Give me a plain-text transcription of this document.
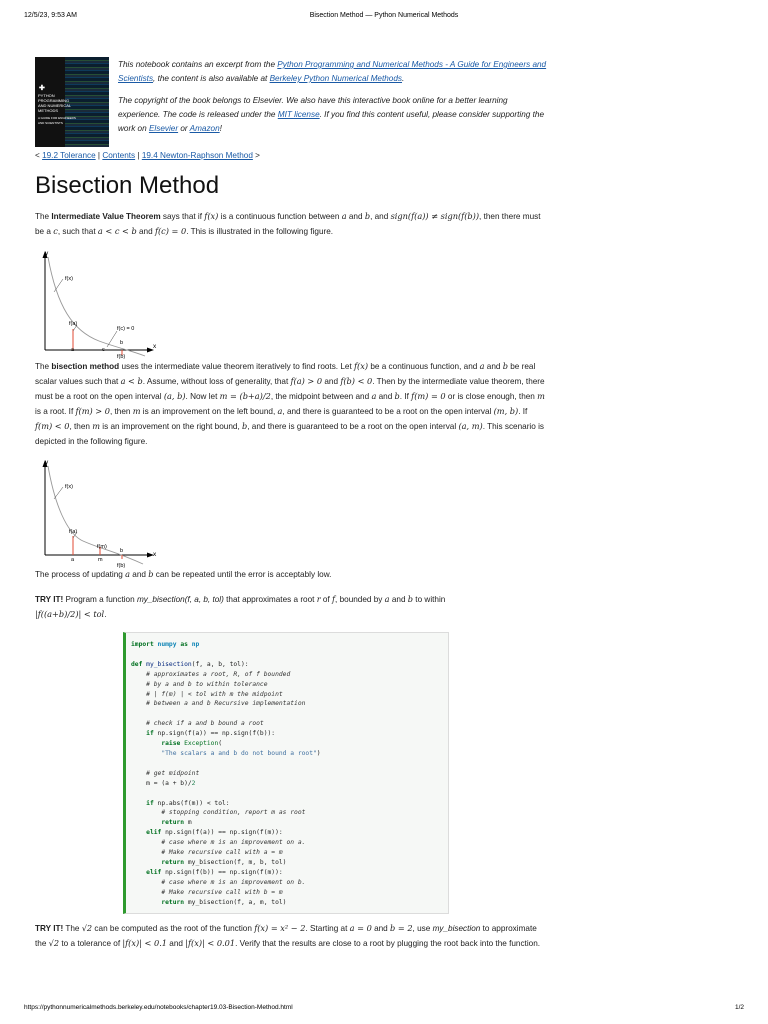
12/5/23, 9:53 AM	Bisection Method — Python Numerical Methods
✚
PYTHON
PROGRAMMING
AND NUMERICAL
METHODS
A GUIDE FOR ENGINEERS
AND SCIENTISTS

This notebook contains an excerpt from the Python Programming and Numerical Methods - A Guide for Engineers and Scientists, the content is also available at Berkeley Python Numerical Methods.

The copyright of the book belongs to Elsevier. We also have this interactive book online for a better learning experience. The code is released under the MIT license. If you find this content useful, please consider supporting the work on Elsevier or Amazon!

< 19.2 Tolerance | Contents | 19.4 Newton-Raphson Method >
Bisection Method

The Intermediate Value Theorem says that if f(x) is a continuous function between a and b, and sign(f(a)) ≠ sign(f(b)), then there must be a c, such that a < c < b and f(c) = 0. This is illustrated in the following figure.

y
x
f(x)
f(a)
f(c) = 0
a	c
b
f(b)

The bisection method uses the intermediate value theorem iteratively to find roots. Let f(x) be a continuous function, and a and b be real scalar values such that a < b. Assume, without loss of generality, that f(a) > 0 and f(b) < 0. Then by the intermediate value theorem, there must be a root on the open interval (a, b). Now let m = (b+a)/2, the midpoint between and a and b. If f(m) = 0 or is close enough, then m is a root. If f(m) > 0, then m is an improvement on the left bound, a, and there is guaranteed to be a root on the open interval (m, b). If f(m) < 0, then m is an improvement on the right bound, b, and there is guaranteed to be a root on the open interval (a, m). This scenario is depicted in the following figure.

y
x
f(x)
f(a)
f(m)
a	m
b
f(b)

The process of updating a and b can be repeated until the error is acceptably low.

TRY IT! Program a function my_bisection(f, a, b, tol) that approximates a root r of f, bounded by a and b to within
|f((a+b)/2)| < tol.

import numpy as np

def my_bisection(f, a, b, tol):
# approximates a root, R, of f bounded
# by a and b to within tolerance
# | f(m) | < tol with m the midpoint
# between a and b Recursive implementation

# check if a and b bound a root
if np.sign(f(a)) == np.sign(f(b)):
raise Exception(
"The scalars a and b do not bound a root")

# get midpoint
m = (a + b)/2

if np.abs(f(m)) < tol:
# stopping condition, report m as root
return m
elif np.sign(f(a)) == np.sign(f(m)):
# case where m is an improvement on a.
# Make recursive call with a = m
return my_bisection(f, m, b, tol)
elif np.sign(f(b)) == np.sign(f(m)):
# case where m is an improvement on b.
# Make recursive call with b = m
return my_bisection(f, a, m, tol)

TRY IT! The √2 can be computed as the root of the function f(x) = x² − 2. Starting at a = 0 and b = 2, use my_bisection to approximate the √2 to a tolerance of |f(x)| < 0.1 and |f(x)| < 0.01. Verify that the results are close to a root by plugging the root back into the function.

https://pythonnumericalmethods.berkeley.edu/notebooks/chapter19.03-Bisection-Method.html	1/2
